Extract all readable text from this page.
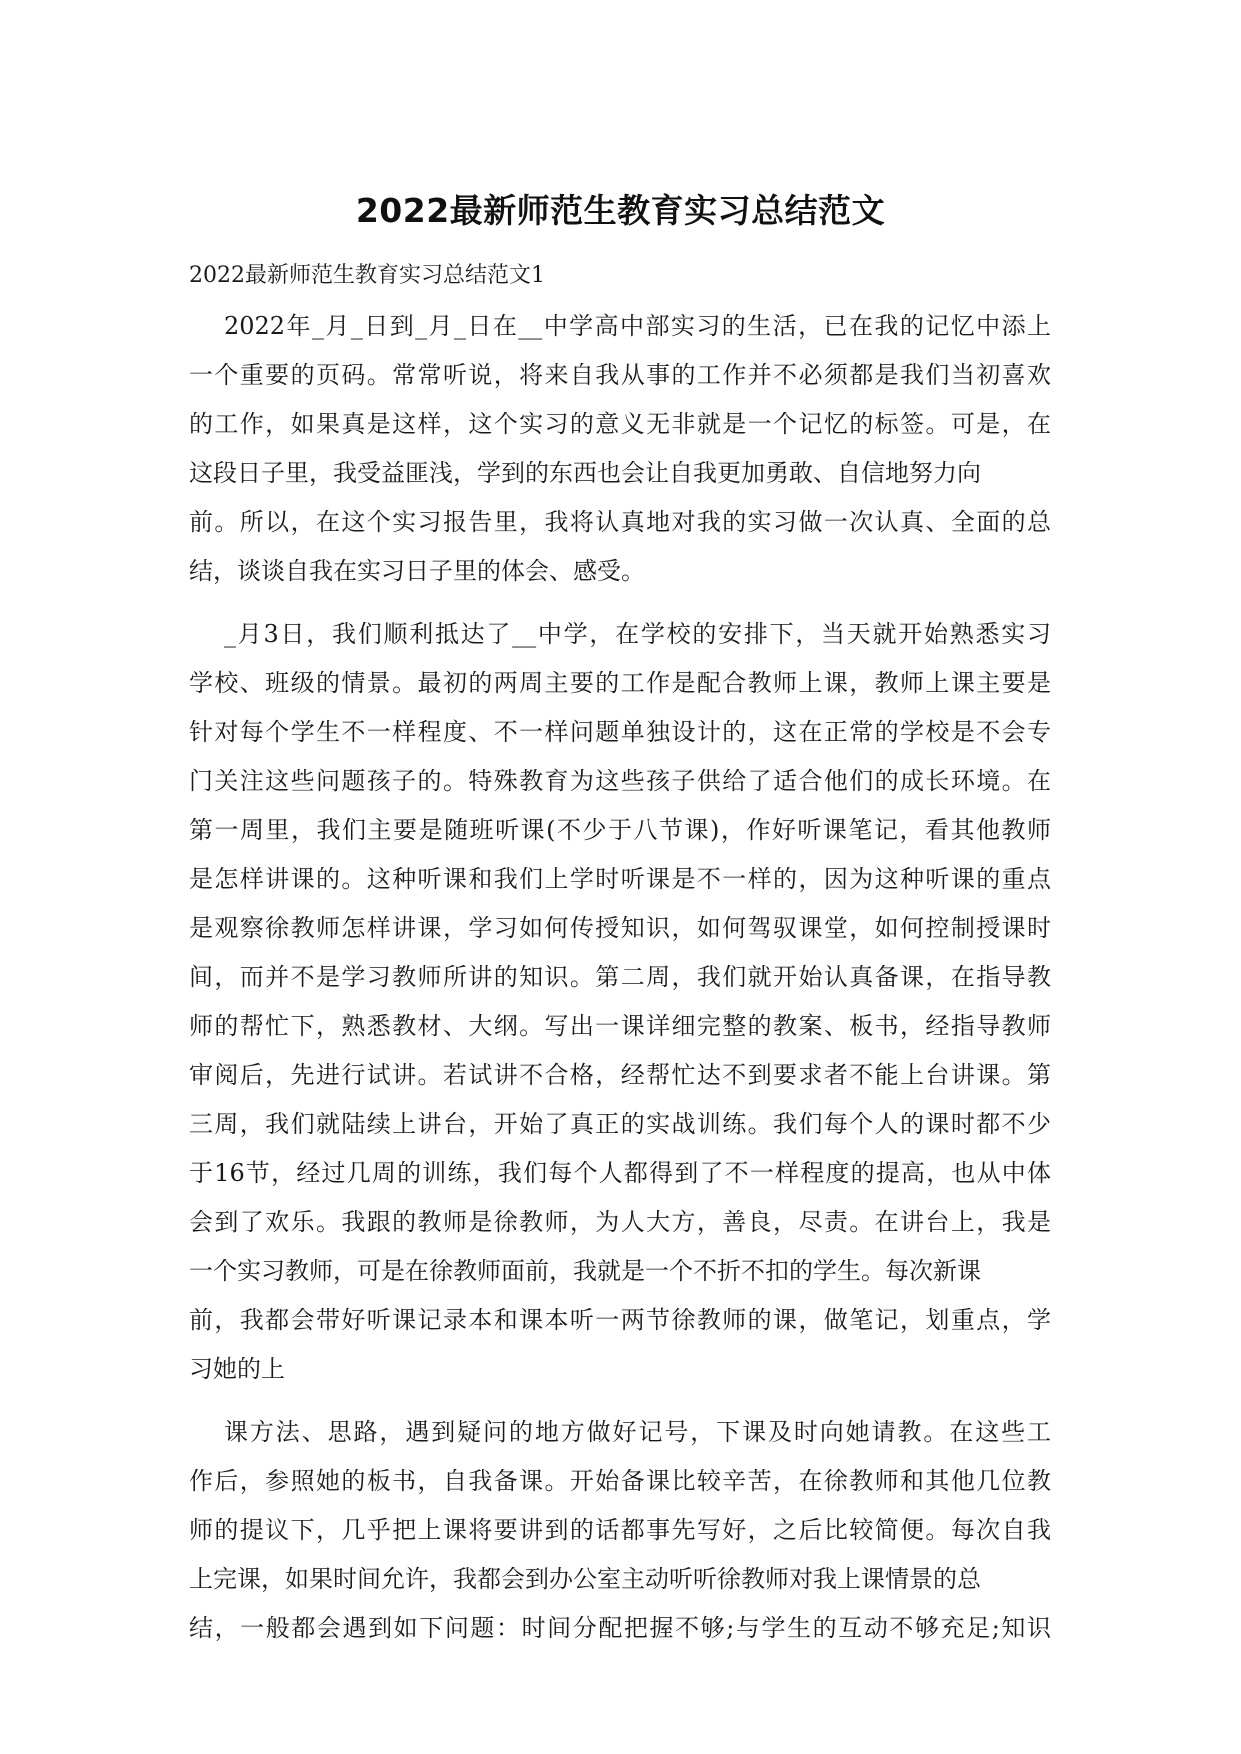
2022最新师范生教育实习总结范文
2022最新师范生教育实习总结范文1
2022年_月_日到_月_日在__中学高中部实习的生活，已在我的记忆中添上
一个重要的页码。常常听说，将来自我从事的工作并不必须都是我们当初喜欢
的工作，如果真是这样，这个实习的意义无非就是一个记忆的标签。可是，在
这段日子里，我受益匪浅，学到的东西也会让自我更加勇敢、自信地努力向
前。所以，在这个实习报告里，我将认真地对我的实习做一次认真、全面的总
结，谈谈自我在实习日子里的体会、感受。
_月3日，我们顺利抵达了__中学，在学校的安排下，当天就开始熟悉实习
学校、班级的情景。最初的两周主要的工作是配合教师上课，教师上课主要是
针对每个学生不一样程度、不一样问题单独设计的，这在正常的学校是不会专
门关注这些问题孩子的。特殊教育为这些孩子供给了适合他们的成长环境。在
第一周里，我们主要是随班听课(不少于八节课)，作好听课笔记，看其他教师
是怎样讲课的。这种听课和我们上学时听课是不一样的，因为这种听课的重点
是观察徐教师怎样讲课，学习如何传授知识，如何驾驭课堂，如何控制授课时
间，而并不是学习教师所讲的知识。第二周，我们就开始认真备课，在指导教
师的帮忙下，熟悉教材、大纲。写出一课详细完整的教案、板书，经指导教师
审阅后，先进行试讲。若试讲不合格，经帮忙达不到要求者不能上台讲课。第
三周，我们就陆续上讲台，开始了真正的实战训练。我们每个人的课时都不少
于16节，经过几周的训练，我们每个人都得到了不一样程度的提高，也从中体
会到了欢乐。我跟的教师是徐教师，为人大方，善良，尽责。在讲台上，我是
一个实习教师，可是在徐教师面前，我就是一个不折不扣的学生。每次新课
前，我都会带好听课记录本和课本听一两节徐教师的课，做笔记，划重点，学
习她的上
课方法、思路，遇到疑问的地方做好记号，下课及时向她请教。在这些工
作后，参照她的板书，自我备课。开始备课比较辛苦，在徐教师和其他几位教
师的提议下，几乎把上课将要讲到的话都事先写好，之后比较简便。每次自我
上完课，如果时间允许，我都会到办公室主动听听徐教师对我上课情景的总
结，一般都会遇到如下问题：时间分配把握不够;与学生的互动不够充足;知识
